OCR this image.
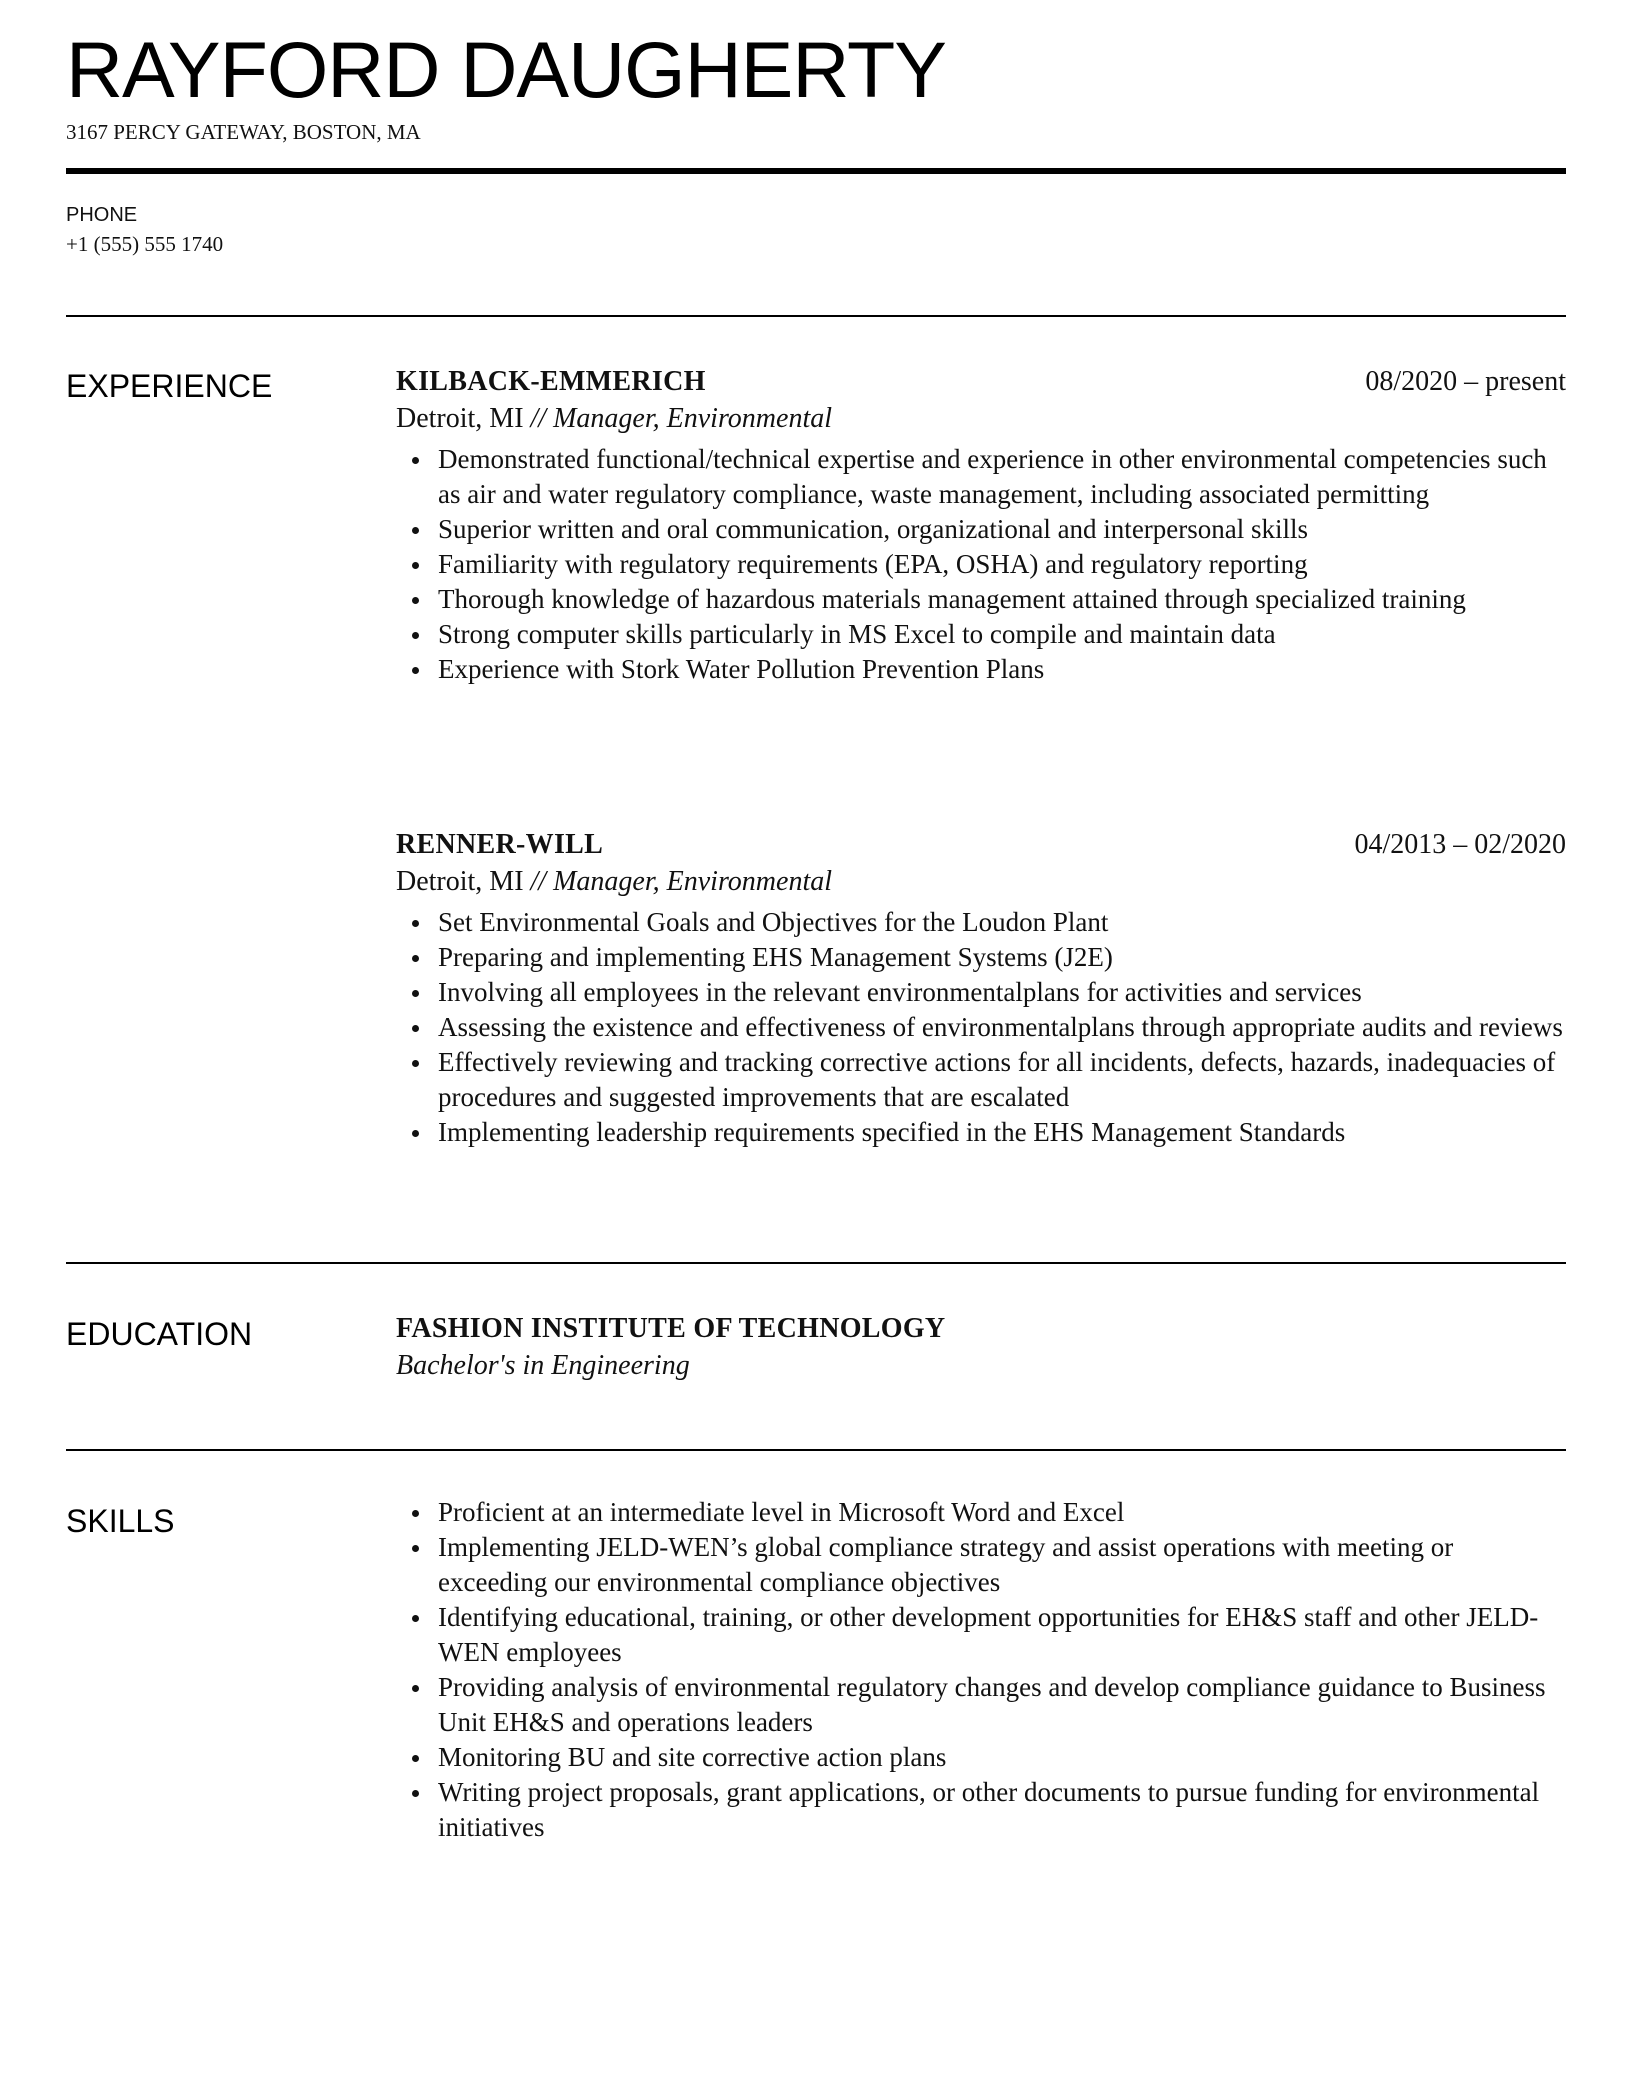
RAYFORD DAUGHERTY
3167 PERCY GATEWAY, BOSTON, MA
PHONE
+1 (555) 555 1740
EXPERIENCE	KILBACK-EMMERICH	08/2020 – present
Detroit, MI // Manager, Environmental
Demonstrated functional/technical expertise and experience in other environmental competencies such as air and water regulatory compliance, waste management, including associated permitting
Superior written and oral communication, organizational and interpersonal skills
Familiarity with regulatory requirements (EPA, OSHA) and regulatory reporting
Thorough knowledge of hazardous materials management attained through specialized training
Strong computer skills particularly in MS Excel to compile and maintain data
Experience with Stork Water Pollution Prevention Plans
RENNER-WILL	04/2013 – 02/2020
Detroit, MI // Manager, Environmental
Set Environmental Goals and Objectives for the Loudon Plant
Preparing and implementing EHS Management Systems (J2E)
Involving all employees in the relevant environmentalplans for activities and services
Assessing the existence and effectiveness of environmentalplans through appropriate audits and reviews
Effectively reviewing and tracking corrective actions for all incidents, defects, hazards, inadequacies of procedures and suggested improvements that are escalated
Implementing leadership requirements specified in the EHS Management Standards
EDUCATION	FASHION INSTITUTE OF TECHNOLOGY
Bachelor's in Engineering
SKILLS	Proficient at an intermediate level in Microsoft Word and Excel
Implementing JELD-WEN’s global compliance strategy and assist operations with meeting or exceeding our environmental compliance objectives
Identifying educational, training, or other development opportunities for EH&S staff and other JELD-WEN employees
Providing analysis of environmental regulatory changes and develop compliance guidance to Business Unit EH&S and operations leaders
Monitoring BU and site corrective action plans
Writing project proposals, grant applications, or other documents to pursue funding for environmental initiatives
